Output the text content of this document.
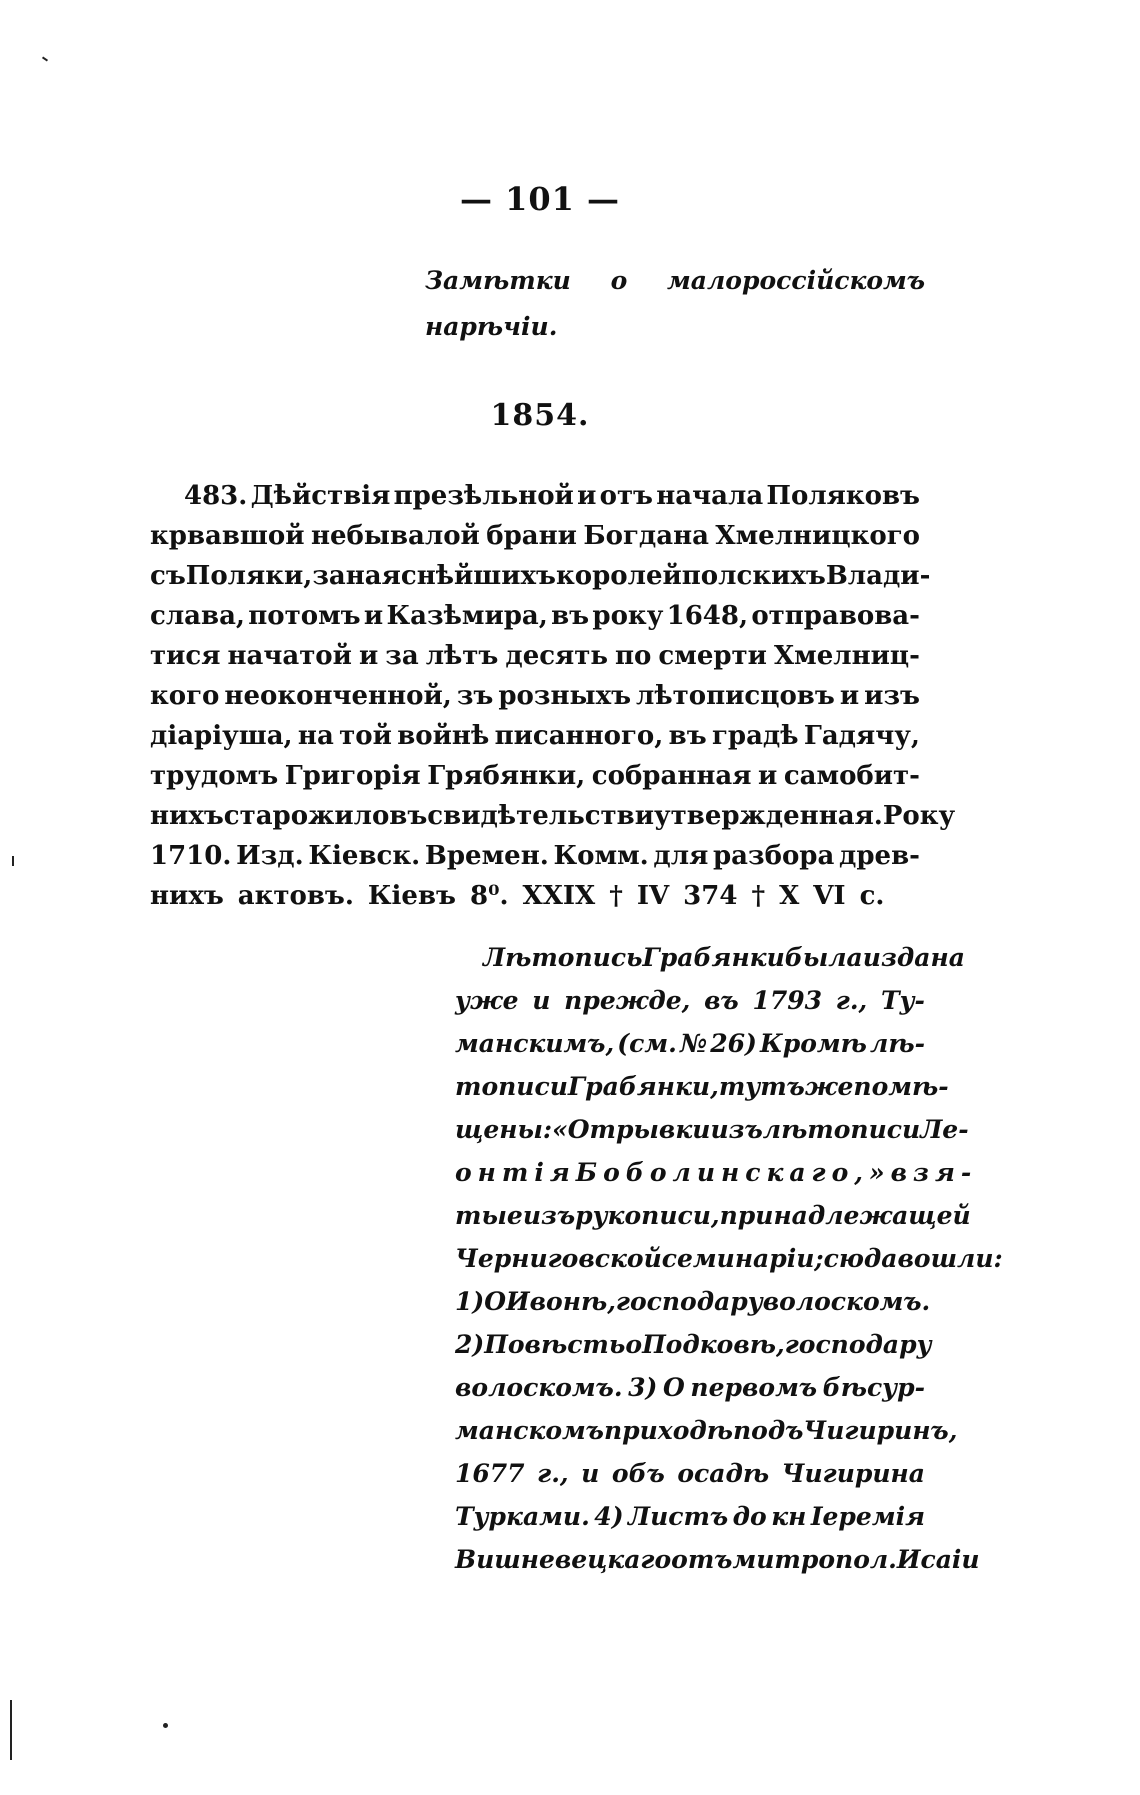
— 101 —
Замѣтки о малороссійскомъ нарѣчіи.
1854.
483. Дѣйствія презѣльной и отъ начала Поляковъ
крвавшой небывалой брани Богдана Хмелницкого
съ Поляки, за наяснѣйшихъ королей полскихъ Влади-
слава, потомъ и Казѣмира, въ року 1648, отправова-
тися начатой и за лѣтъ десять по смерти Хмелниц-
кого неоконченной, зъ розныхъ лѣтописцовъ и изъ
діаріуша, на той войнѣ писанного, въ градѣ Гадячу,
трудомъ Григорія Грябянки, собранная и самобит-
нихъ старожиловъ свидѣтельстви утвержденная. Року
1710. Изд. Кіевск. Времен. Комм. для разбора древ-
нихъ актовъ. Кіевъ 8⁰. XXIX † IV 374 † X VI с.
Лѣтопись Грабянки была издана
уже и прежде, въ 1793 г., Ту-
манскимъ, (см. № 26) Кромѣ лѣ-
тописи Грабянки, тутъ же помѣ-
щены: «Отрывки изъ лѣтописи Ле-
онтія Боболинскаго,» взя-
тые изъ рукописи, принадлежащей
Черниговской семинаріи; сюда вошли:
1) О Ивонѣ, господару волоскомъ.
2) Повѣсть о Подковѣ, господару
волоскомъ. 3) О первомъ бѣсур-
манскомъ приходѣ подъ Чигиринъ,
1677 г., и объ осадѣ Чигирина
Турками. 4) Листъ до кн Іеремія
Вишневецкаго отъ митропол. Исаіи
